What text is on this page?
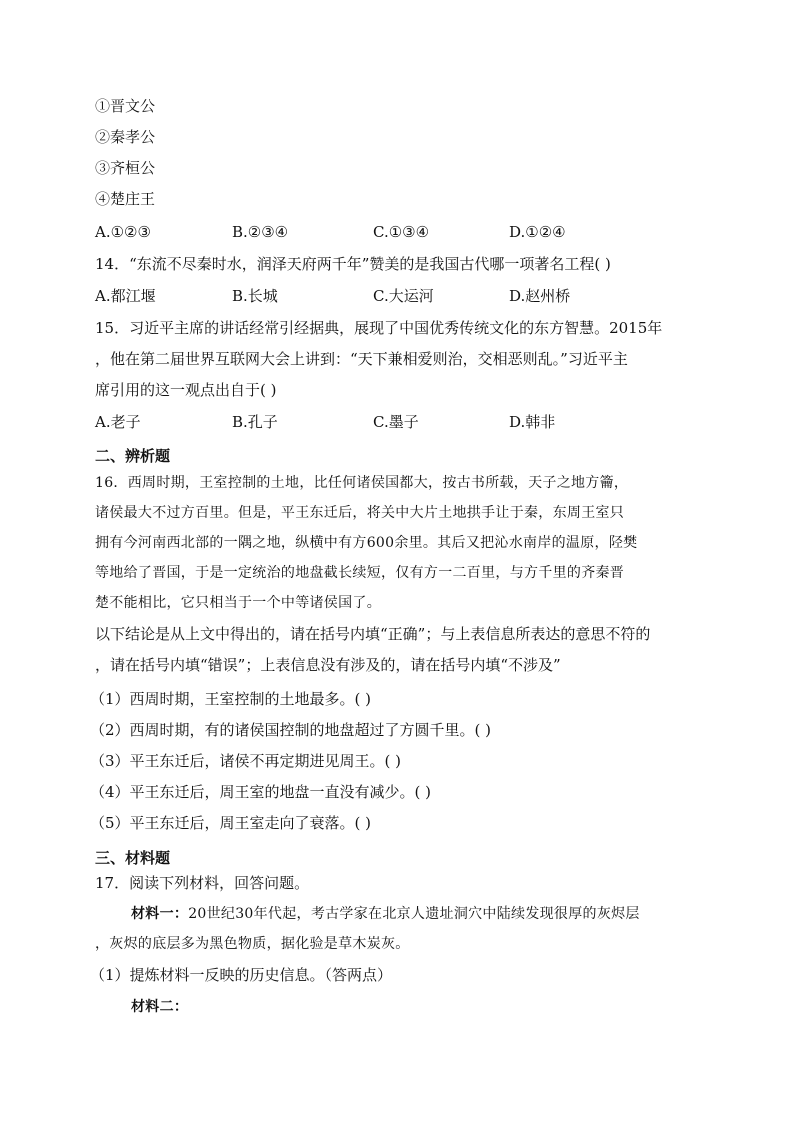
①晋文公
②秦孝公
③齐桓公
④楚庄王
A.①②③	B.②③④	C.①③④	D.①②④
14．“东流不尽秦时水，润泽天府两千年”赞美的是我国古代哪一项著名工程( )
A.都江堰	B.长城	C.大运河	D.赵州桥
15．习近平主席的讲话经常引经据典，展现了中国优秀传统文化的东方智慧。2015年
，他在第二届世界互联网大会上讲到：“天下兼相爱则治，交相恶则乱。”习近平主
席引用的这一观点出自于( )
A.老子	B.孔子	C.墨子	D.韩非
二、辨析题
16．西周时期，王室控制的土地，比任何诸侯国都大，按古书所载，天子之地方籥，
诸侯最大不过方百里。但是，平王东迁后，将关中大片土地拱手让于秦，东周王室只
拥有今河南西北部的一隅之地，纵横中有方600余里。其后又把沁水南岸的温原，陉樊
等地给了晋国，于是一定统治的地盘截长续短，仅有方一二百里，与方千里的齐秦晋
楚不能相比，它只相当于一个中等诸侯国了。
以下结论是从上文中得出的，请在括号内填“正确”；与上表信息所表达的意思不符的
，请在括号内填“错误”；上表信息没有涉及的，请在括号内填“不涉及”
（1）西周时期，王室控制的土地最多。( )
（2）西周时期，有的诸侯国控制的地盘超过了方圆千里。( )
（3）平王东迁后，诸侯不再定期进见周王。( )
（4）平王东迁后，周王室的地盘一直没有减少。( )
（5）平王东迁后，周王室走向了衰落。( )
三、材料题
17．阅读下列材料，回答问题。
材料一：20世纪30年代起，考古学家在北京人遗址洞穴中陆续发现很厚的灰烬层
，灰烬的底层多为黑色物质，据化验是草木炭灰。
（1）提炼材料一反映的历史信息。（答两点）
材料二：
